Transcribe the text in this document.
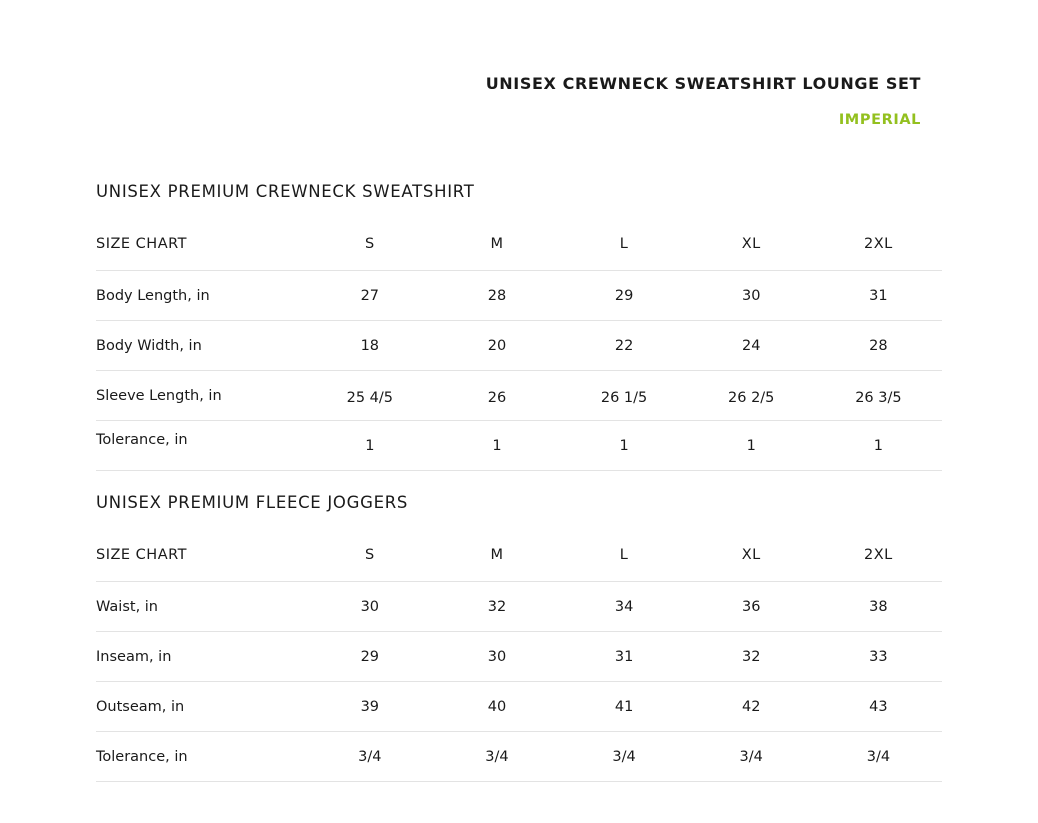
UNISEX CREWNECK SWEATSHIRT LOUNGE SET
IMPERIAL
UNISEX PREMIUM CREWNECK SWEATSHIRT
SIZE CHART	S	M	L	XL	2XL
Body Length, in	27	28	29	30	31
Body Width, in	18	20	22	24	28
Sleeve Length, in	25 4/5	26	26 1/5	26 2/5	26 3/5
Tolerance, in	1	1	1	1	1
UNISEX PREMIUM FLEECE JOGGERS
SIZE CHART	S	M	L	XL	2XL
Waist, in	30	32	34	36	38
Inseam, in	29	30	31	32	33
Outseam, in	39	40	41	42	43
Tolerance, in	3/4	3/4	3/4	3/4	3/4
